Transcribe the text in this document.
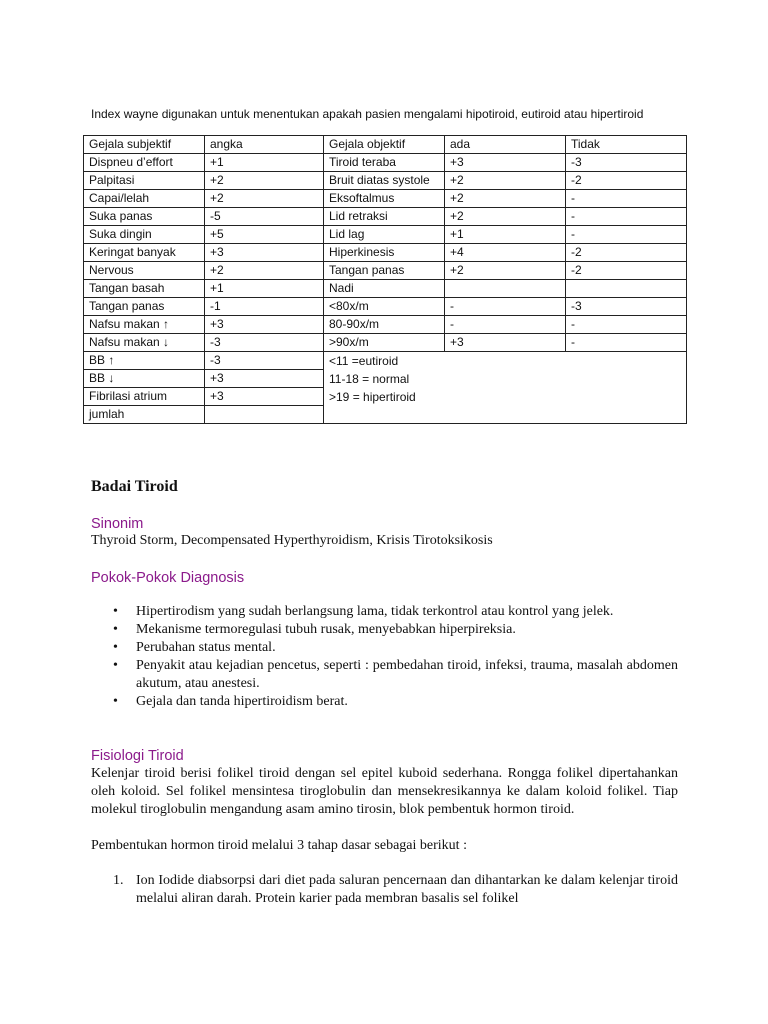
Index wayne digunakan untuk menentukan apakah pasien mengalami hipotiroid, eutiroid atau hipertiroid

Gejala subjektif	angka	Gejala objektif	ada	Tidak
Dispneu d’effort	+1	Tiroid teraba	+3	-3
Palpitasi	+2	Bruit diatas systole	+2	-2
Capai/lelah	+2	Eksoftalmus	+2	-
Suka panas	-5	Lid retraksi	+2	-
Suka dingin	+5	Lid lag	+1	-
Keringat banyak	+3	Hiperkinesis	+4	-2
Nervous	+2	Tangan panas	+2	-2
Tangan basah	+1	Nadi		
Tangan panas	-1	<80x/m	-	-3
Nafsu makan ↑	+3	80-90x/m	-	-
Nafsu makan ↓	-3	>90x/m	+3	-
BB ↑	-3	<11 =eutiroid
11-18 = normal
>19 = hipertiroid		

BB ↓	+3			
Fibrilasi atrium	+3			
jumlah				
Badai Tiroid
Sinonim

Thyroid Storm, Decompensated Hyperthyroidism, Krisis Tirotoksikosis

Pokok-Pokok Diagnosis
• Hipertirodism yang sudah berlangsung lama, tidak terkontrol atau kontrol yang jelek.
• Mekanisme termoregulasi tubuh rusak, menyebabkan hiperpireksia.
• Perubahan status mental.
• Penyakit atau kejadian pencetus, seperti : pembedahan tiroid, infeksi, trauma, masalah abdomen akutum, atau anestesi.
• Gejala dan tanda hipertiroidism berat.
Fisiologi Tiroid

Kelenjar tiroid berisi folikel tiroid dengan sel epitel kuboid sederhana. Rongga folikel dipertahankan oleh koloid. Sel folikel mensintesa tiroglobulin dan mensekresikannya ke dalam koloid folikel. Tiap molekul tiroglobulin mengandung asam amino tirosin, blok pembentuk hormon tiroid.

Pembentukan hormon tiroid melalui 3 tahap dasar sebagai berikut :

1. Ion Iodide diabsorpsi dari diet pada saluran pencernaan dan dihantarkan ke dalam kelenjar tiroid melalui aliran darah. Protein karier pada membran basalis sel folikel
